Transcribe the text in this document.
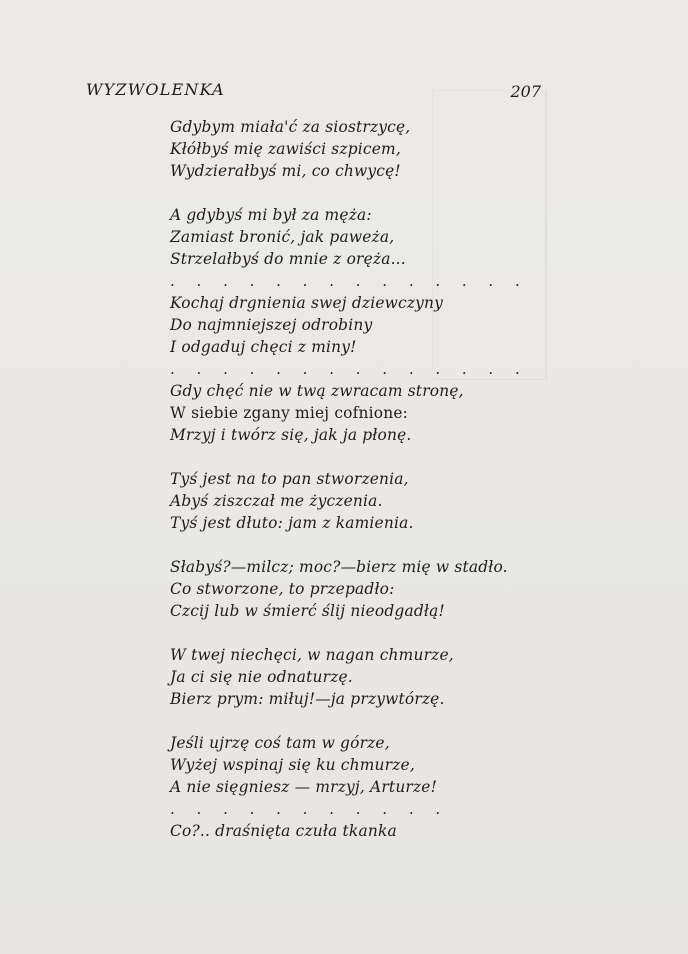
WYZWOLENKA	207
Gdybym miała'ć za siostrzycę,
Kłółbyś mię zawiści szpicem,
Wydzierałbyś mi, co chwycę!
A gdybyś mi był za męża:
Zamiast bronić, jak paweża,
Strzelałbyś do mnie z oręża...
. . . . . . . . . . . . . .
Kochaj drgnienia swej dziewczyny
Do najmniejszej odrobiny
I odgaduj chęci z miny!
. . . . . . . . . . . . . .
Gdy chęć nie w twą zwracam stronę,
W siebie zgany miej cofnione:
Mrzyj i twórz się, jak ja płonę.
Tyś jest na to pan stworzenia,
Abyś ziszczał me życzenia.
Tyś jest dłuto: jam z kamienia.
Słabyś?—milcz; moc?—bierz mię w stadło.
Co stworzone, to przepadło:
Czcij lub w śmierć ślij nieodgadłą!
W twej niechęci, w nagan chmurze,
Ja ci się nie odnaturzę.
Bierz prym: miłuj!—ja przywtórzę.
Jeśli ujrzę coś tam w górze,
Wyżej wspinaj się ku chmurze,
A nie sięgniesz — mrzyj, Arturze!
. . . . . . . . . . .
Co?.. draśnięta czuła tkanka
